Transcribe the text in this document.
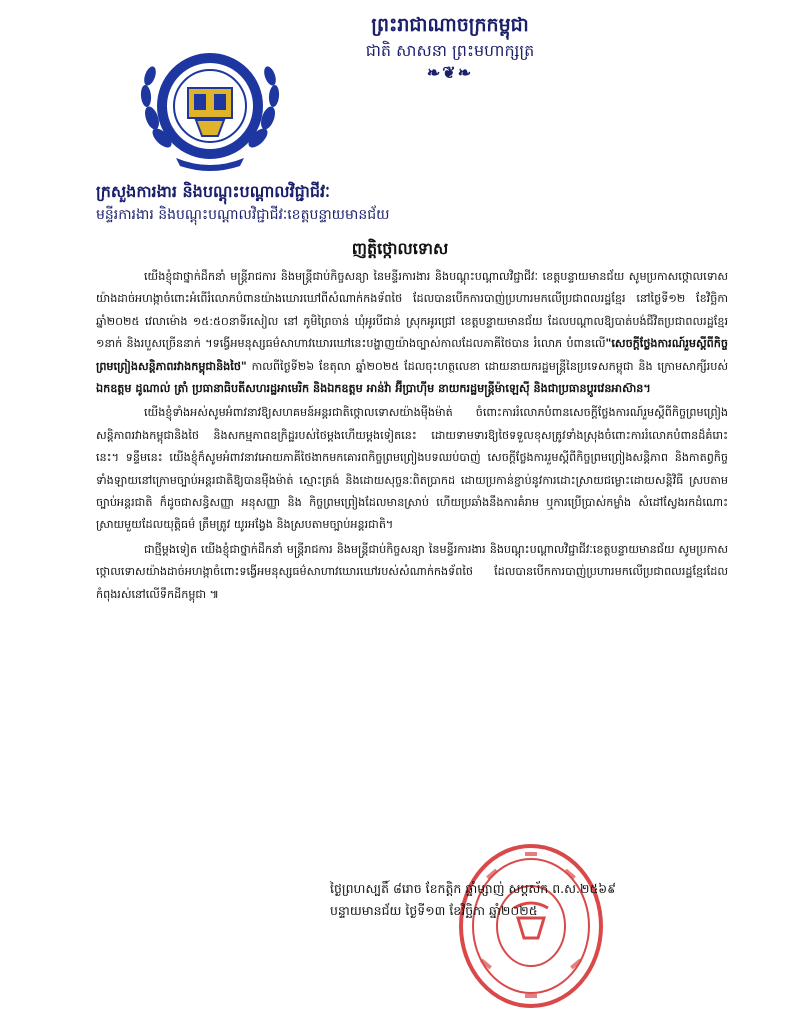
ព្រះរាជាណាចក្រកម្ពុជា
ជាតិ សាសនា ព្រះមហាក្សត្រ
❧❦❧
ក្រសួងការងារ និងបណ្តុះបណ្តាលវិជ្ជាជីវៈ
មន្ទីរការងារ និងបណ្តុះបណ្តាលវិជ្ជាជីវៈខេត្តបន្ទាយមានជ័យ
ញត្តិថ្កោលទោស

យើងខ្ញុំជាថ្នាក់ដឹកនាំ មន្ត្រីរាជការ និងមន្ត្រីជាប់កិច្ចសន្យា នៃមន្ទីរការងារ និងបណ្តុះបណ្តាលវិជ្ជាជីវៈ ខេត្តបន្ទាយមានជ័យ សូមប្រកាសថ្កោលទោសយ៉ាងដាច់អហង្កាចំពោះអំពើរំលោភបំពានយ៉ាងឃោរឃៅពីសំណាក់កងទ័ពថៃ ដែលបានបើកការបាញ់ប្រហារមកលើប្រជាពលរដ្ឋខ្មែរ នៅថ្ងៃទី១២ ខែវិច្ឆិកា ឆ្នាំ២០២៥ វេលាម៉ោង ១៥:៥០នាទីរសៀល នៅ ភូមិព្រៃចាន់ ឃុំអូរបីជាន់ ស្រុកអូរជ្រៅ ខេត្តបន្ទាយមានជ័យ ដែលបណ្តាលឱ្យបាត់បង់ជីវិតប្រជាពលរដ្ឋខ្មែរ ១នាក់ និងរបួសច្រើននាក់ ។ទង្វើអមនុស្សធម៌សាហាវឃោរឃៅនេះបង្ហាញយ៉ាងច្បាស់កាលដែលភាគីថៃបាន រំលោភ បំពានលើ"សេចក្តីថ្លែងការណ៍រួមស្តីពីកិច្ចព្រមព្រៀងសន្តិភាពរវាងកម្ពុជានិងថៃ" កាលពីថ្ងៃទី២៦ ខែតុលា ឆ្នាំ២០២៥ ដែលចុះហត្ថលេខា ដោយនាយករដ្ឋមន្ត្រីនៃប្រទេសកម្ពុជា និង ក្រោមសាក្សីរបស់ ឯកឧត្តម ដូណាល់ ត្រាំ ប្រធានាធិបតីសហរដ្ឋអាមេរិក និងឯកឧត្តម អាន់វ៉ា អ៊ីប្រាហ៊ីម នាយករដ្ឋមន្ត្រីម៉ាឡេស៊ី និងជាប្រធានប្តូរវេនអាស៊ាន។

យើងខ្ញុំទាំងអស់សូមអំពាវនាវឱ្យសហគមន៍អន្តរជាតិថ្កោលទោសយ៉ាងម៉ឺងម៉ាត់ ចំពោះការរំលោភបំពានសេចក្តីថ្លែងការណ៍រួមស្តីពីកិច្ចព្រមព្រៀងសន្តិភាពរវាងកម្ពុជានិងថៃ និងសកម្មភាពឧក្រិដ្ឋរបស់ថៃម្តងហើយម្តងទៀតនេះ ដោយទាមទារឱ្យថៃទទួលខុសត្រូវទាំងស្រុងចំពោះការរំលោភបំពានដ៏គំរោះនេះ។ ទន្ទឹមនេះ យើងខ្ញុំក៏សូមអំពាវនាវអោយភាគីថៃងាកមកគោរពកិច្ចព្រមព្រៀងបទឈប់បាញ់ សេចក្តីថ្លែងការរួមស្តីពីកិច្ចព្រមព្រៀងសន្តិភាព និងកាតព្វកិច្ចទាំងឡាយនៅក្រោមច្បាប់អន្តរជាតិឱ្យបានម៉ឺងម៉ាត់ ស្មោះត្រង់ និងដោយសុច្ចនៈពិតប្រាកដ ដោយប្រកាន់ខ្ជាប់នូវការដោះស្រាយជម្លោះដោយសន្តិវិធី ស្របតាមច្បាប់អន្តរជាតិ ក៏ដូចជាសន្ធិសញ្ញា អនុសញ្ញា និង កិច្ចព្រមព្រៀងដែលមានស្រាប់ ហើយប្រឆាំងនឹងការគំរាម ឬការប្រើប្រាស់កម្លាំង សំដៅស្វែងរកដំណោះស្រាយមួយដែលយុត្តិធម៌ ត្រឹមត្រូវ យូរអង្វែង និងស្របតាមច្បាប់អន្តរជាតិ។

ជាថ្មីម្តងទៀត យើងខ្ញុំជាថ្នាក់ដឹកនាំ មន្ត្រីរាជការ និងមន្ត្រីជាប់កិច្ចសន្យា នៃមន្ទីរការងារ និងបណ្តុះបណ្តាលវិជ្ជាជីវៈខេត្តបន្ទាយមានជ័យ សូមប្រកាសថ្កោលទោសយ៉ាងដាច់អហង្កាចំពោះទង្វើអមនុស្សធម៌សាហាវឃោរឃៅរបស់សំណាក់កងទ័ពថៃ ដែលបានបើកការបាញ់ប្រហារមកលើប្រជាពលរដ្ឋខ្មែរដែលកំពុងរស់នៅលើទឹកដីកម្ពុជា ៕

ថ្ងៃព្រហស្បតិ៍ ៨រោច ខែកត្តិក ឆ្នាំម្សាញ់ សប្តស័ក ព.ស.២៥៦៩
បន្ទាយមានជ័យ ថ្ងៃទី១៣ ខែវិច្ឆិកា ឆ្នាំ២០២៥
